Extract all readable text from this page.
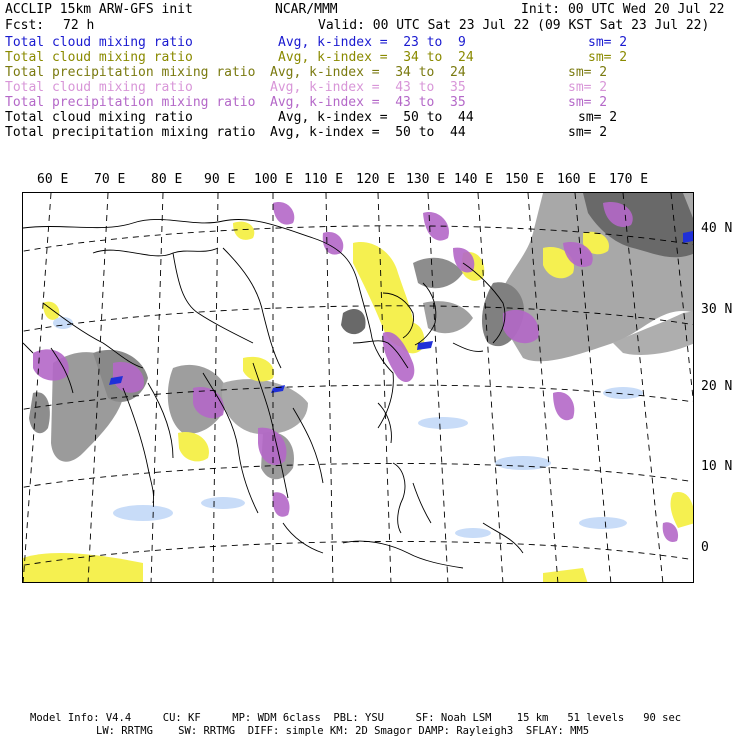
ACCLIP 15km ARW-GFS init	NCAR/MMM	Init: 00 UTC Wed 20 Jul 22
Fcst: 72 h	Valid: 00 UTC Sat 23 Jul 22 (09 KST Sat 23 Jul 22)
Total cloud mixing ratio	Avg, k-index =  23 to  9	sm= 2
Total cloud mixing ratio	Avg, k-index =  34 to  24	sm= 2
Total precipitation mixing ratio Avg, k-index =  34 to  24	sm= 2
Total cloud mixing ratio	Avg, k-index =  43 to  35	sm= 2
Total precipitation mixing ratio Avg, k-index =  43 to  35	sm= 2
Total cloud mixing ratio	Avg, k-index =  50 to  44	sm= 2
Total precipitation mixing ratio Avg, k-index =  50 to  44	sm= 2
60 E 70 E 80 E 90 E 100 E 110 E 120 E 130 E 140 E 150 E 160 E 170 E
40 N
30 N
20 N
10 N
0
Model Info: V4.4     CU: KF     MP: WDM 6class  PBL: YSU     SF: Noah LSM    15 km   51 levels   90 sec
LW: RRTMG    SW: RRTMG  DIFF: simple KM: 2D Smagor DAMP: Rayleigh3  SFLAY: MM5
